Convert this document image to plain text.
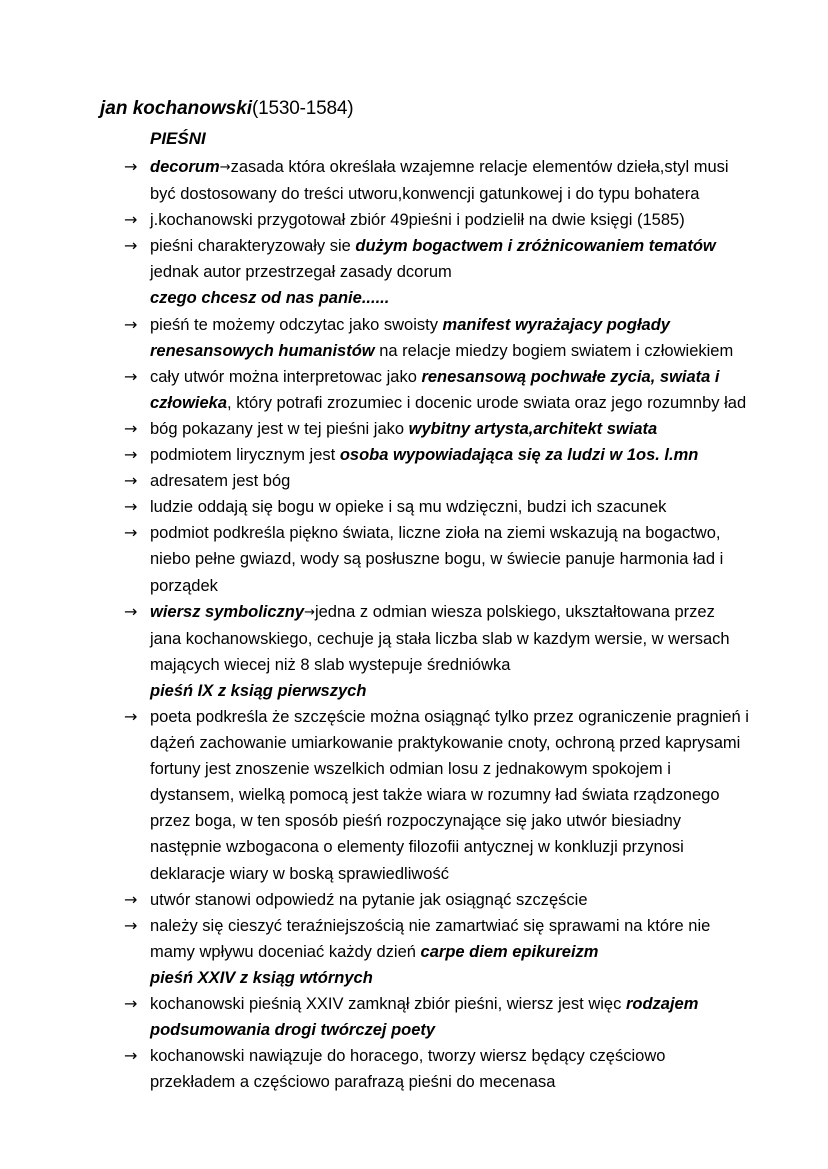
jan kochanowski(1530-1584)
PIEŚNI
→ decorum→zasada która określała wzajemne relacje elementów dzieła,styl musi być dostosowany do treści utworu,konwencji gatunkowej i do typu bohatera
→ j.kochanowski przygotował zbiór 49pieśni i podzielił na dwie księgi (1585)
→ pieśni charakteryzowały sie dużym bogactwem i zróżnicowaniem tematów jednak autor przestrzegał zasady dcorum
czego chcesz od nas panie......
→ pieśń te możemy odczytac jako swoisty manifest wyrażajacy pogłady renesansowych humanistów na relacje miedzy bogiem swiatem i człowiekiem
→ cały utwór można interpretowac jako renesansową pochwałe zycia, swiata i człowieka, który potrafi zrozumiec i docenic urode swiata oraz jego rozumnby ład
→ bóg pokazany jest w tej pieśni jako wybitny artysta,architekt swiata
→ podmiotem lirycznym jest osoba wypowiadająca się za ludzi w 1os. l.mn
→ adresatem jest bóg
→ ludzie oddają się bogu w opieke i są mu wdzięczni, budzi ich szacunek
→ podmiot podkreśla piękno świata, liczne zioła na ziemi wskazują na bogactwo, niebo pełne gwiazd, wody są posłuszne bogu, w świecie panuje harmonia ład i porządek
→ wiersz symboliczny→jedna z odmian wiesza polskiego, ukształtowana przez jana kochanowskiego, cechuje ją stała liczba slab w kazdym wersie, w wersach mających wiecej niż 8 slab wystepuje średniówka
pieśń IX z ksiąg pierwszych
→ poeta podkreśla że szczęście można osiągnąć tylko przez ograniczenie pragnień i dążeń zachowanie umiarkowanie praktykowanie cnoty, ochroną przed kaprysami fortuny jest znoszenie wszelkich odmian losu z jednakowym spokojem i dystansem, wielką pomocą jest także wiara w rozumny ład świata rządzonego przez boga, w ten sposób pieśń rozpoczynające się jako utwór biesiadny następnie wzbogacona o elementy filozofii antycznej w konkluzji przynosi deklaracje wiary w boską sprawiedliwość
→ utwór stanowi odpowiedź na pytanie jak osiągnąć szczęście
→ należy się cieszyć teraźniejszością nie zamartwiać się sprawami na które nie mamy wpływu doceniać każdy dzień carpe diem epikureizm
pieśń XXIV z ksiąg wtórnych
→ kochanowski pieśnią XXIV zamknął zbiór pieśni, wiersz jest więc rodzajem podsumowania drogi twórczej poety
→ kochanowski nawiązuje do horacego, tworzy wiersz będący częściowo przekładem a częściowo parafrazą pieśni do mecenasa
